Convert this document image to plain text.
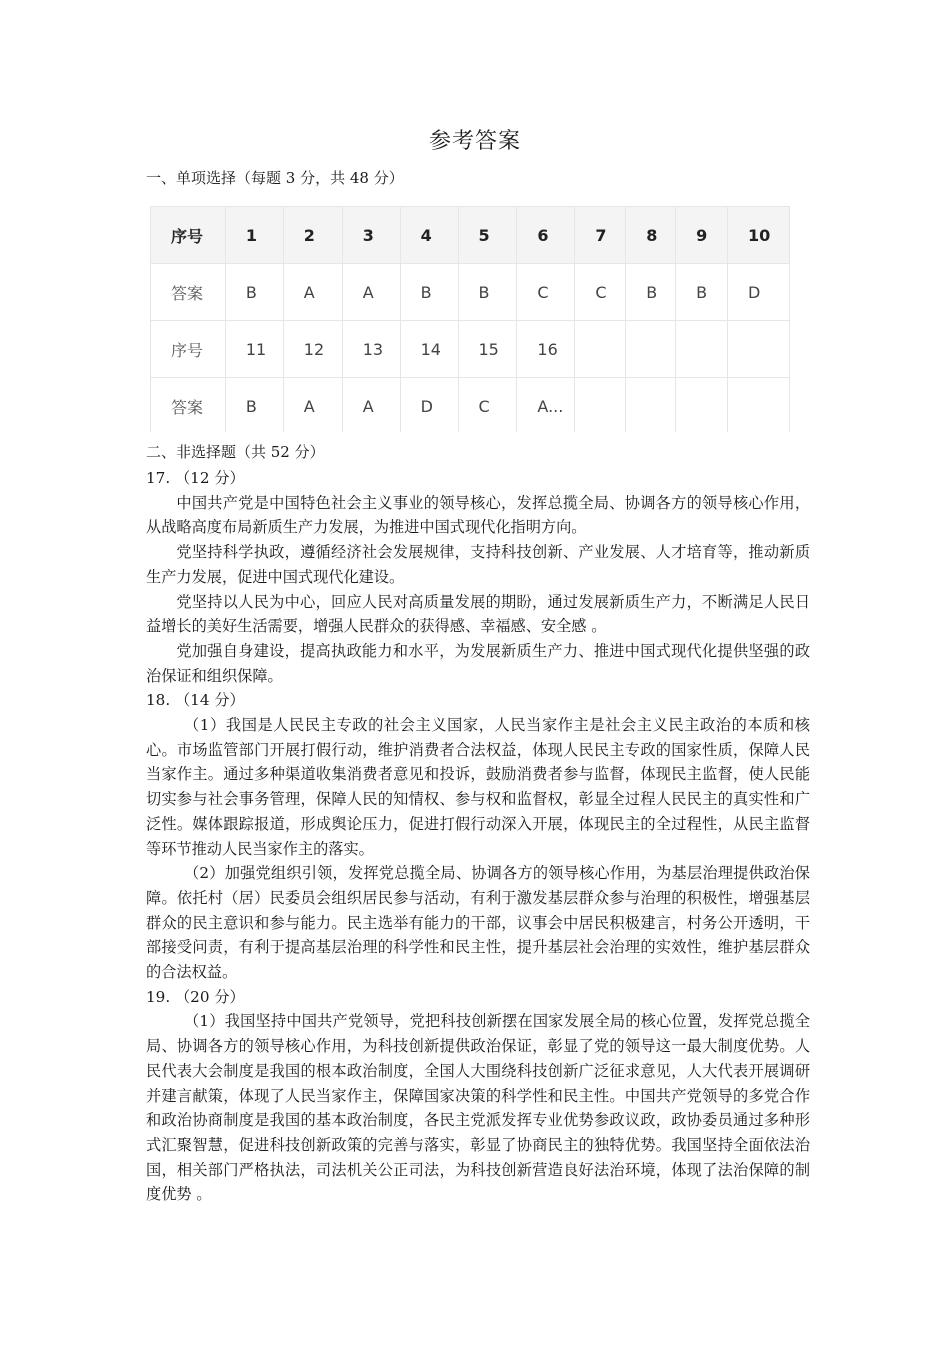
参考答案
一、单项选择（每题 3 分，共 48 分）
序号	1	2	3	4	5	6	7	8	9	10
答案	B	A	A	B	B	C	C	B	B	D
序号	11	12	13	14	15	16				
答案	B	A	A	D	C	A...				
二、非选择题（共 52 分）

17. （12 分）

中国共产党是中国特色社会主义事业的领导核心，发挥总揽全局、协调各方的领导核心作用，从战略高度布局新质生产力发展，为推进中国式现代化指明方向。

党坚持科学执政，遵循经济社会发展规律，支持科技创新、产业发展、人才培育等，推动新质生产力发展，促进中国式现代化建设。

党坚持以人民为中心，回应人民对高质量发展的期盼，通过发展新质生产力，不断满足人民日益增长的美好生活需要，增强人民群众的获得感、幸福感、安全感 。

党加强自身建设，提高执政能力和水平，为发展新质生产力、推进中国式现代化提供坚强的政治保证和组织保障。

18. （14 分）

（1）我国是人民民主专政的社会主义国家，人民当家作主是社会主义民主政治的本质和核心。市场监管部门开展打假行动，维护消费者合法权益，体现人民民主专政的国家性质，保障人民当家作主。通过多种渠道收集消费者意见和投诉，鼓励消费者参与监督，体现民主监督，使人民能切实参与社会事务管理，保障人民的知情权、参与权和监督权，彰显全过程人民民主的真实性和广泛性。媒体跟踪报道，形成舆论压力，促进打假行动深入开展，体现民主的全过程性，从民主监督等环节推动人民当家作主的落实。

（2）加强党组织引领，发挥党总揽全局、协调各方的领导核心作用，为基层治理提供政治保障。依托村（居）民委员会组织居民参与活动，有利于激发基层群众参与治理的积极性，增强基层群众的民主意识和参与能力。民主选举有能力的干部，议事会中居民积极建言，村务公开透明，干部接受问责，有利于提高基层治理的科学性和民主性，提升基层社会治理的实效性，维护基层群众的合法权益。

19. （20 分）

（1）我国坚持中国共产党领导，党把科技创新摆在国家发展全局的核心位置，发挥党总揽全局、协调各方的领导核心作用，为科技创新提供政治保证，彰显了党的领导这一最大制度优势。人民代表大会制度是我国的根本政治制度，全国人大围绕科技创新广泛征求意见，人大代表开展调研并建言献策，体现了人民当家作主，保障国家决策的科学性和民主性。中国共产党领导的多党合作和政治协商制度是我国的基本政治制度，各民主党派发挥专业优势参政议政，政协委员通过多种形式汇聚智慧，促进科技创新政策的完善与落实，彰显了协商民主的独特优势。我国坚持全面依法治国，相关部门严格执法，司法机关公正司法，为科技创新营造良好法治环境，体现了法治保障的制度优势 。
